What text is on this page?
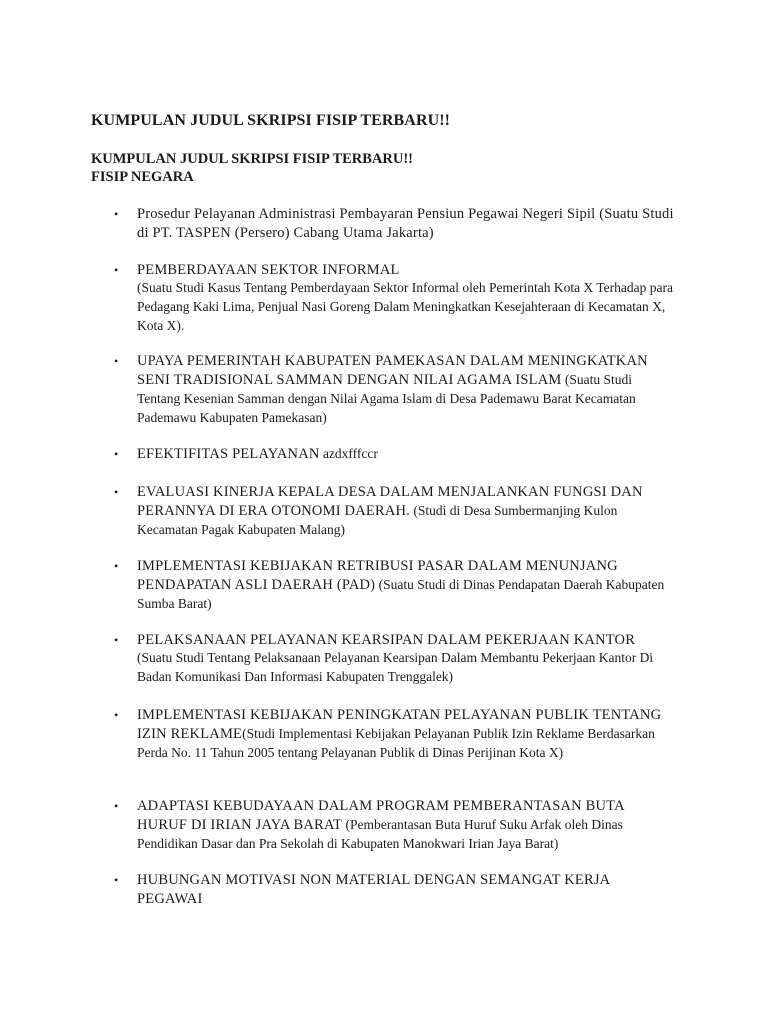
KUMPULAN JUDUL SKRIPSI FISIP TERBARU!!
KUMPULAN JUDUL SKRIPSI FISIP TERBARU!!
FISIP NEGARA
•	Prosedur Pelayanan Administrasi Pembayaran Pensiun Pegawai Negeri Sipil (Suatu Studi di PT. TASPEN (Persero) Cabang Utama Jakarta)
•	PEMBERDAYAAN SEKTOR INFORMAL
(Suatu Studi Kasus Tentang Pemberdayaan Sektor Informal oleh Pemerintah Kota X Terhadap para Pedagang Kaki Lima, Penjual Nasi Goreng Dalam Meningkatkan Kesejahteraan di Kecamatan X, Kota X).
•	UPAYA PEMERINTAH KABUPATEN PAMEKASAN DALAM MENINGKATKAN SENI TRADISIONAL SAMMAN DENGAN NILAI AGAMA ISLAM (Suatu Studi Tentang Kesenian Samman dengan Nilai Agama Islam di Desa Pademawu Barat Kecamatan Pademawu Kabupaten Pamekasan)
•	EFEKTIFITAS PELAYANAN azdxfffccr
•	EVALUASI KINERJA KEPALA DESA DALAM MENJALANKAN FUNGSI DAN PERANNYA DI ERA OTONOMI DAERAH. (Studi di Desa Sumbermanjing Kulon Kecamatan Pagak Kabupaten Malang)
•	IMPLEMENTASI KEBIJAKAN RETRIBUSI PASAR DALAM MENUNJANG PENDAPATAN ASLI DAERAH (PAD) (Suatu Studi di Dinas Pendapatan Daerah Kabupaten Sumba Barat)
•	PELAKSANAAN PELAYANAN KEARSIPAN DALAM PEKERJAAN KANTOR
(Suatu Studi Tentang Pelaksanaan Pelayanan Kearsipan Dalam Membantu Pekerjaan Kantor Di Badan Komunikasi Dan Informasi Kabupaten Trenggalek)
•	IMPLEMENTASI KEBIJAKAN PENINGKATAN PELAYANAN PUBLIK TENTANG IZIN REKLAME(Studi Implementasi Kebijakan Pelayanan Publik Izin Reklame Berdasarkan Perda No. 11 Tahun 2005 tentang Pelayanan Publik di Dinas Perijinan Kota X)
•	ADAPTASI KEBUDAYAAN DALAM PROGRAM PEMBERANTASAN BUTA HURUF DI IRIAN JAYA BARAT (Pemberantasan Buta Huruf Suku Arfak oleh Dinas Pendidikan Dasar dan Pra Sekolah di Kabupaten Manokwari Irian Jaya Barat)
•	HUBUNGAN MOTIVASI NON MATERIAL DENGAN SEMANGAT KERJA PEGAWAI
